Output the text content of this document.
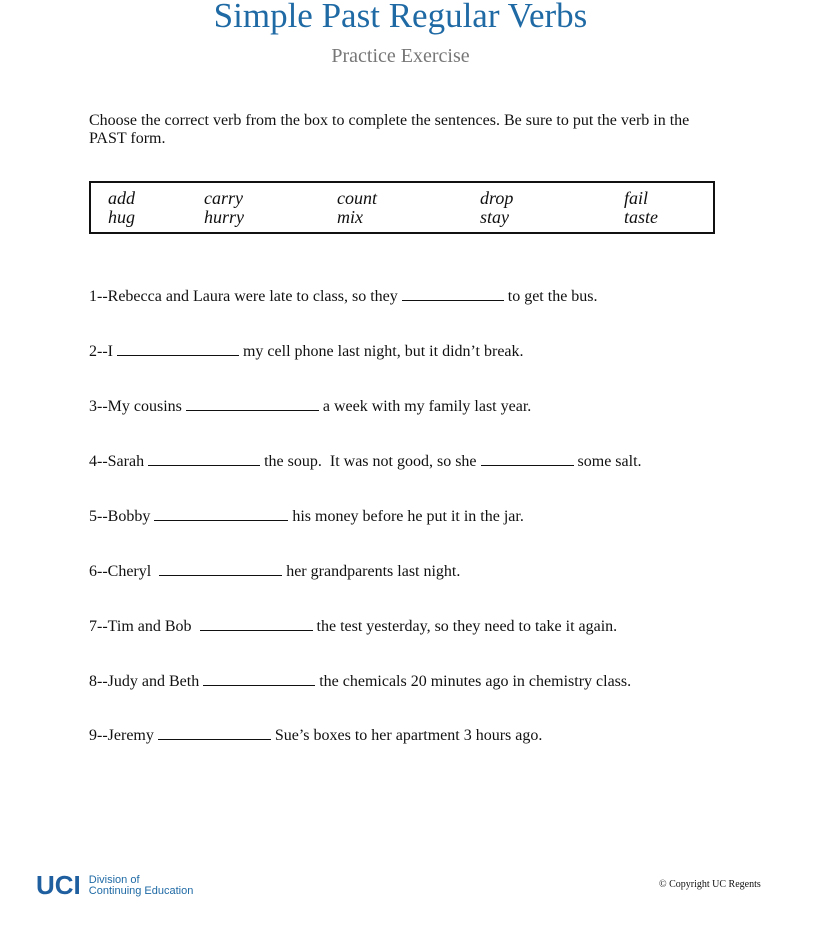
Simple Past Regular Verbs
Practice Exercise
Choose the correct verb from the box to complete the sentences. Be sure to put the verb in the PAST form.
add	carry	count	drop	fail
hug	hurry	mix	stay	taste
1--Rebecca and Laura were late to class, so they	to get the bus.
2--I	my cell phone last night, but it didn’t break.
3--My cousins	a week with my family last year.
4--Sarah	the soup.  It was not good, so she	some salt.
5--Bobby	his money before he put it in the jar.
6--Cheryl	her grandparents last night.
7--Tim and Bob	the test yesterday, so they need to take it again.
8--Judy and Beth	the chemicals 20 minutes ago in chemistry class.
9--Jeremy	Sue’s boxes to her apartment 3 hours ago.
UCI Division of
Continuing Education	© Copyright UC Regents
